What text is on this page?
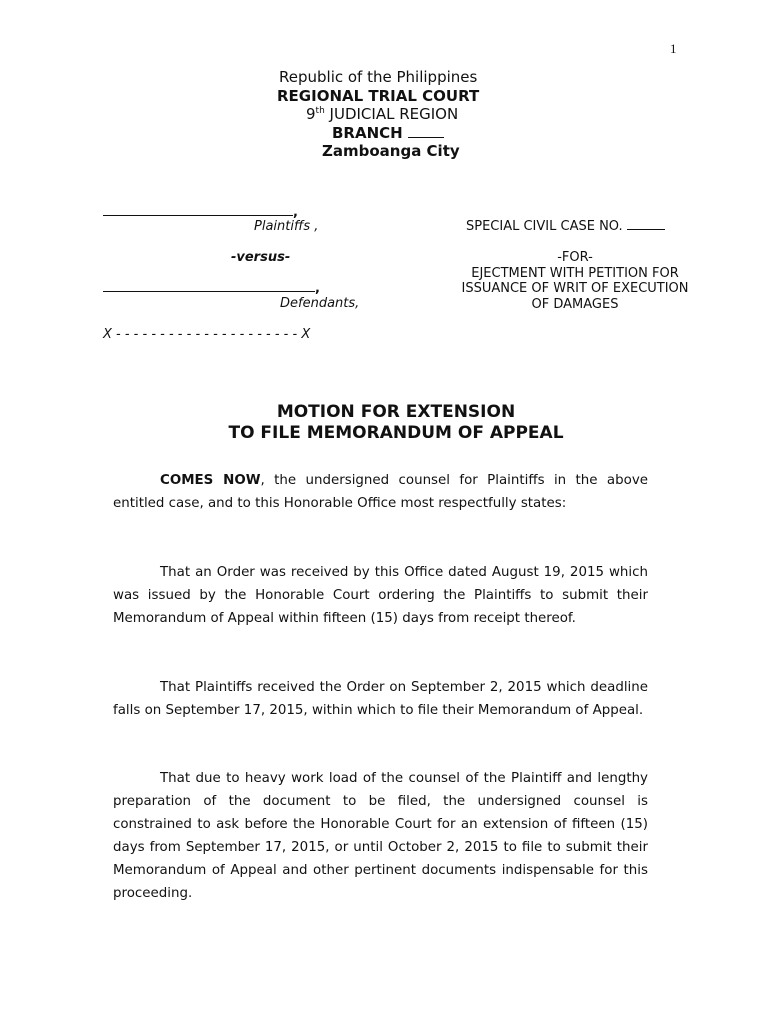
1
Republic of the Philippines
REGIONAL TRIAL COURT
9th JUDICIAL REGION
BRANCH
Zamboanga City
,
Plaintiffs ,
-versus-
,
Defendants,
X - - - - - - - - - - - - - - - - - - - - - X
SPECIAL CIVIL CASE NO.
-FOR-
EJECTMENT WITH PETITION FOR
ISSUANCE OF WRIT OF EXECUTION
OF DAMAGES
MOTION FOR EXTENSION
TO FILE MEMORANDUM OF APPEAL

COMES NOW, the undersigned counsel for Plaintiffs in the above entitled case, and to this Honorable Office most respectfully states:

That an Order was received by this Office dated August 19, 2015 which was issued by the Honorable Court ordering the Plaintiffs to submit their Memorandum of Appeal within fifteen (15) days from receipt thereof.

That Plaintiffs received the Order on September 2, 2015 which deadline falls on September 17, 2015, within which to file their Memorandum of Appeal.

That due to heavy work load of the counsel of the Plaintiff and lengthy preparation of the document to be filed, the undersigned counsel is constrained to ask before the Honorable Court for an extension of fifteen (15) days from September 17, 2015, or until October 2, 2015 to file to submit their Memorandum of Appeal and other pertinent documents indispensable for this proceeding.
